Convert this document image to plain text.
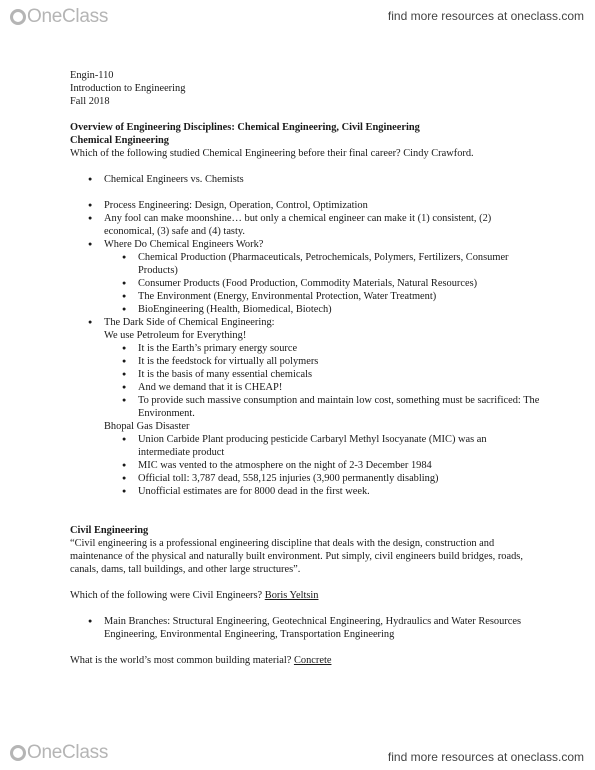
OneClass	find more resources at oneclass.com

Engin-110

Introduction to Engineering

Fall 2018

Overview of Engineering Disciplines: Chemical Engineering, Civil Engineering

Chemical Engineering

Which of the following studied Chemical Engineering before their final career? Cindy Crawford.

● Chemical Engineers vs. Chemists
● Process Engineering: Design, Operation, Control, Optimization
● Any fool can make moonshine… but only a chemical engineer can make it (1) consistent, (2) economical, (3) safe and (4) tasty.
● Where Do Chemical Engineers Work?
● Chemical Production (Pharmaceuticals, Petrochemicals, Polymers, Fertilizers, Consumer Products)
● Consumer Products (Food Production, Commodity Materials, Natural Resources)
● The Environment (Energy, Environmental Protection, Water Treatment)
● BioEngineering (Health, Biomedical, Biotech)
● The Dark Side of Chemical Engineering:

We use Petroleum for Everything!

● It is the Earth’s primary energy source
● It is the feedstock for virtually all polymers
● It is the basis of many essential chemicals
● And we demand that it is CHEAP!
● To provide such massive consumption and maintain low cost, something must be sacrificed: The Environment.

Bhopal Gas Disaster

● Union Carbide Plant producing pesticide Carbaryl Methyl Isocyanate (MIC) was an intermediate product
● MIC was vented to the atmosphere on the night of 2-3 December 1984
● Official toll: 3,787 dead, 558,125 injuries (3,900 permanently disabling)
● Unofficial estimates are for 8000 dead in the first week.

Civil Engineering

“Civil engineering is a professional engineering discipline that deals with the design, construction and maintenance of the physical and naturally built environment. Put simply, civil engineers build bridges, roads, canals, dams, tall buildings, and other large structures”.

Which of the following were Civil Engineers? Boris Yeltsin

● Main Branches: Structural Engineering, Geotechnical Engineering, Hydraulics and Water Resources Engineering, Environmental Engineering, Transportation Engineering

What is the world’s most common building material? Concrete

OneClass	find more resources at oneclass.com
